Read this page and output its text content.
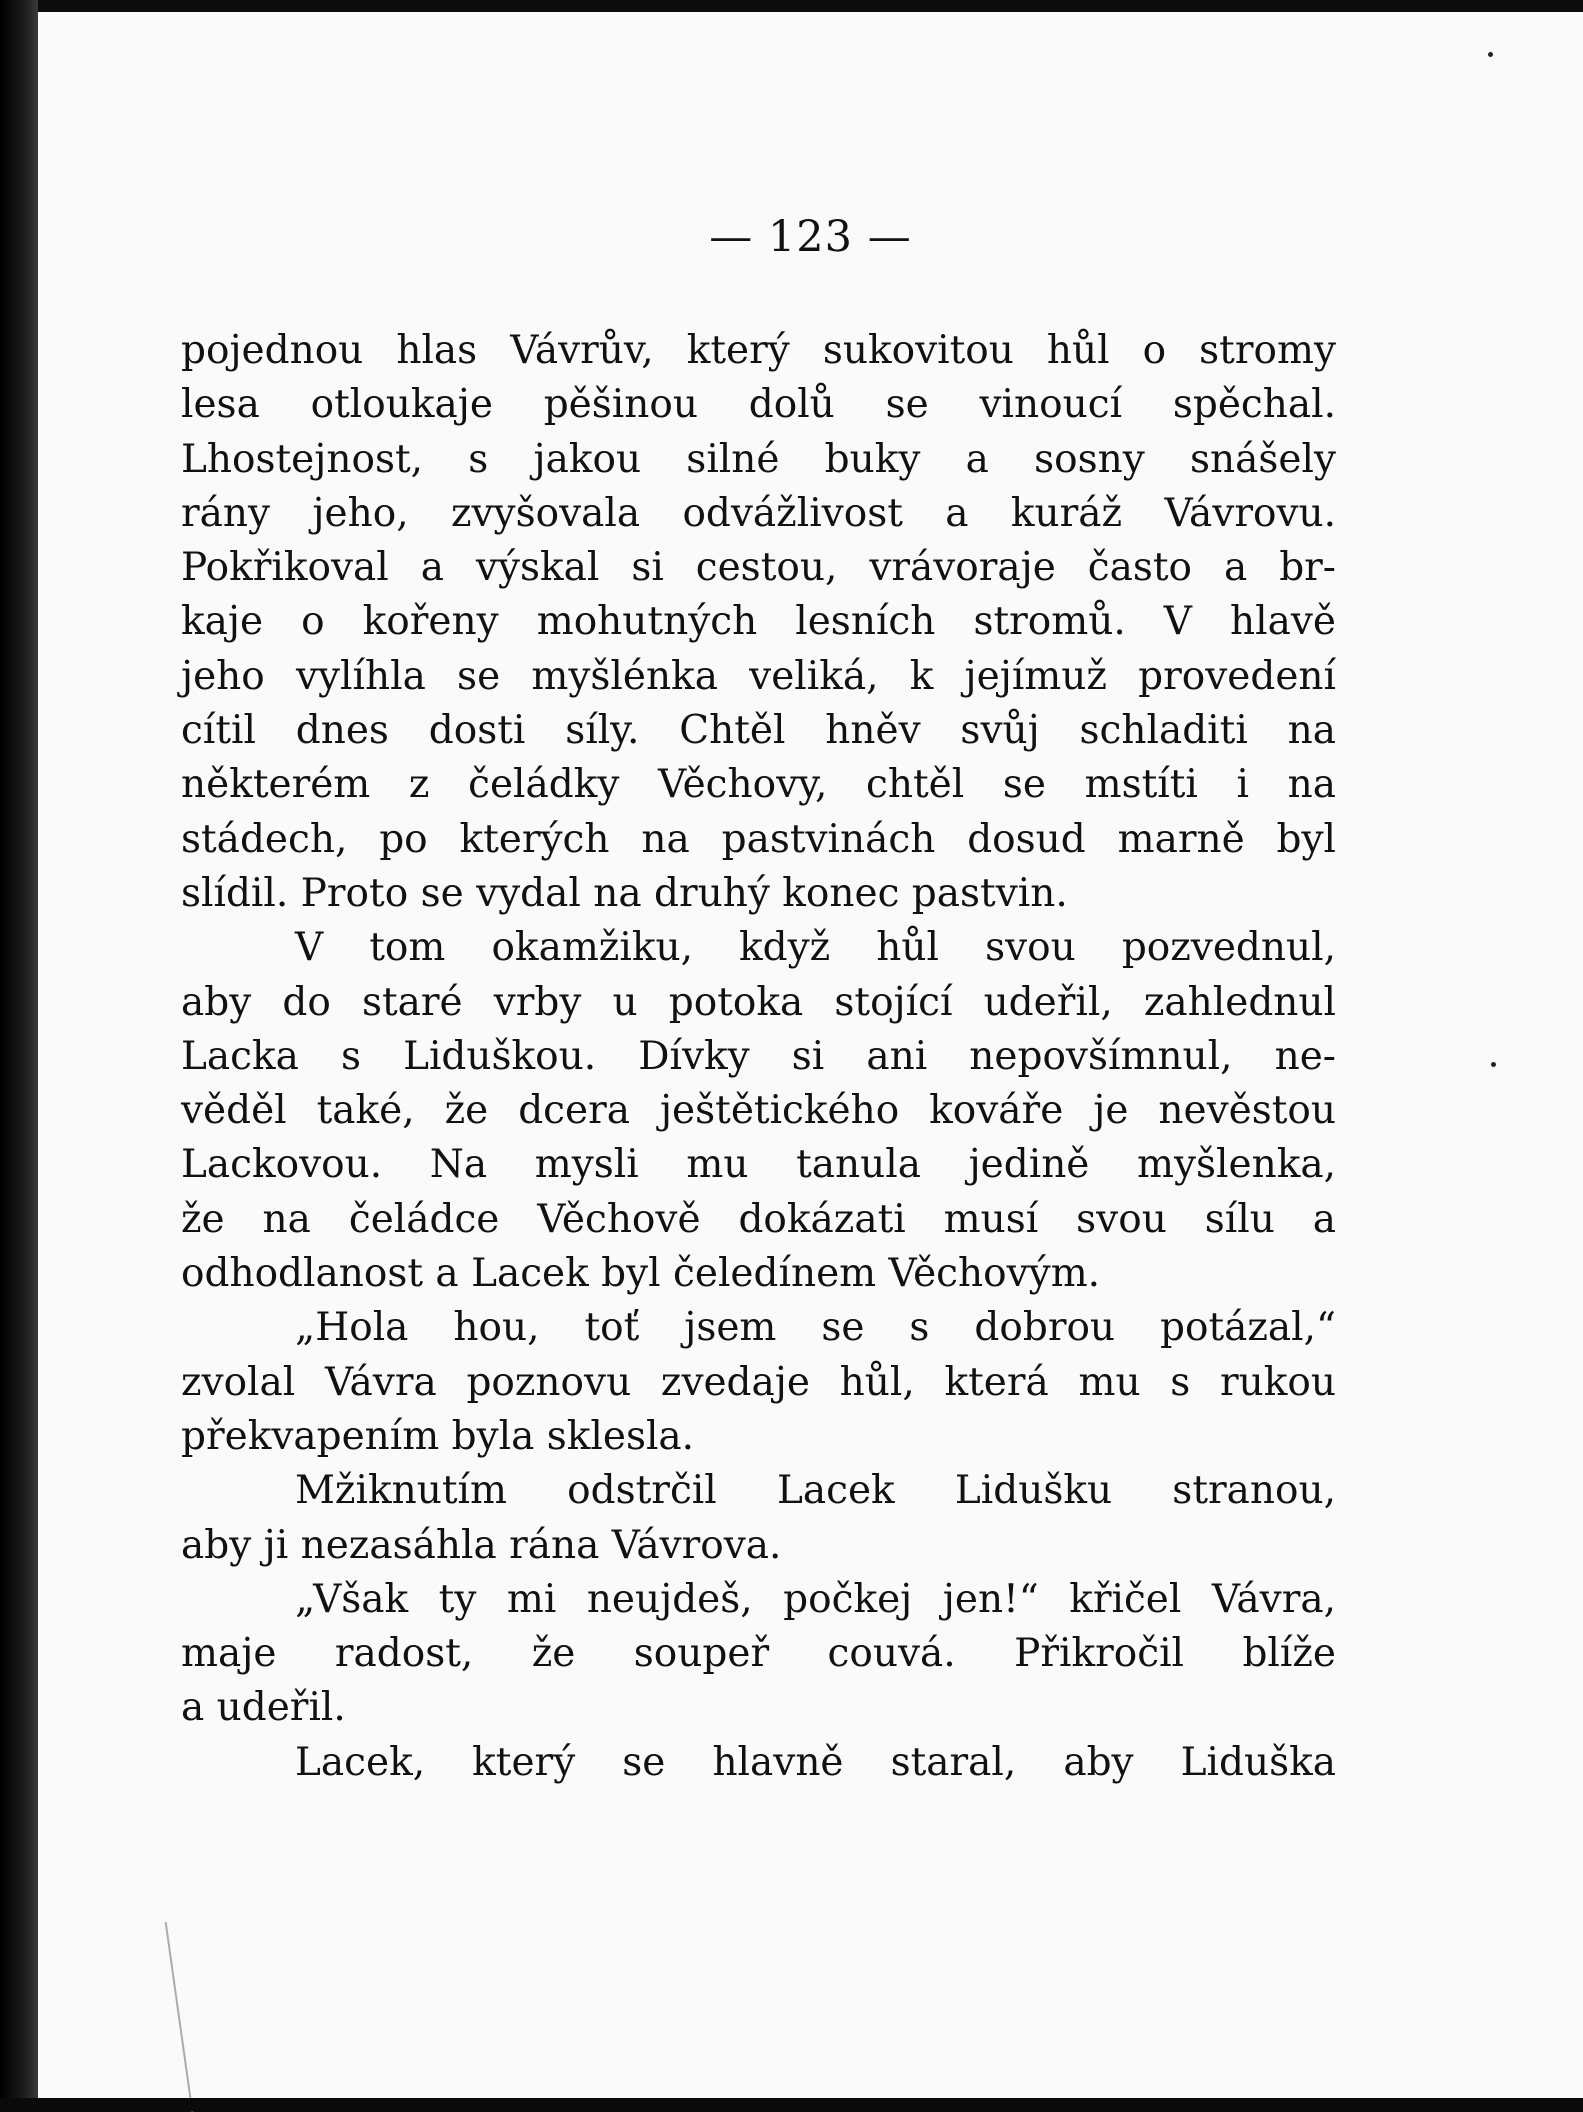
— 123 —
pojednou hlas Vávrův, který sukovitou hůl o stromy
lesa otloukaje pěšinou dolů se vinoucí spěchal.
Lhostejnost, s jakou silné buky a sosny snášely
rány jeho, zvyšovala odvážlivost a kuráž Vávrovu.
Pokřikoval a výskal si cestou, vrávoraje často a br-
kaje o kořeny mohutných lesních stromů. V hlavě
jeho vylíhla se myšlénka veliká, k jejímuž provedení
cítil dnes dosti síly. Chtěl hněv svůj schladiti na
některém z čeládky Věchovy, chtěl se mstíti i na
stádech, po kterých na pastvinách dosud marně byl
slídil. Proto se vydal na druhý konec pastvin.
V tom okamžiku, když hůl svou pozvednul,
aby do staré vrby u potoka stojící udeřil, zahlednul
Lacka s Liduškou. Dívky si ani nepovšímnul, ne-
věděl také, že dcera ještětického kováře je nevěstou
Lackovou. Na mysli mu tanula jedině myšlenka,
že na čeládce Věchově dokázati musí svou sílu a
odhodlanost a Lacek byl čeledínem Věchovým.
„Hola hou, toť jsem se s dobrou potázal,“
zvolal Vávra poznovu zvedaje hůl, která mu s rukou
překvapením byla sklesla.
Mžiknutím odstrčil Lacek Lidušku stranou,
aby ji nezasáhla rána Vávrova.
„Však ty mi neujdeš, počkej jen!“ křičel Vávra,
maje radost, že soupeř couvá. Přikročil blíže
a udeřil.
Lacek, který se hlavně staral, aby Liduška
